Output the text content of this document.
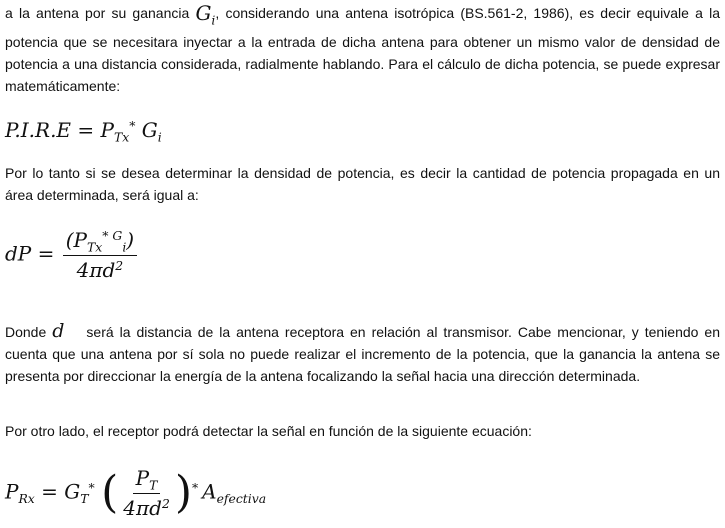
a la antena por su ganancia $G_i$, considerando una antena isotrópica (BS.561-2, 1986), es decir equivale a la potencia que se necesitara inyectar a la entrada de dicha antena para obtener un mismo valor de densidad de potencia a una distancia considerada, radialmente hablando. Para el cálculo de dicha potencia, se puede expresar matemáticamente:
$P.I.R.E = P_{Tx}^*$ $G_i$
Por lo tanto si se desea determinar la densidad de potencia, es decir la cantidad de potencia propagada en un área determinada, será igual a:
dP = $\frac{(P_{Tx}^{* G}_i)}{4\pi d^2}$
Donde d será la distancia de la antena receptora en relación al transmisor. Cabe mencionar, y teniendo en cuenta que una antena por sí sola no puede realizar el incremento de la potencia, que la ganancia la antena se presenta por direccionar la energía de la antena focalizando la señal hacia una dirección determinada.
Por otro lado, el receptor podrá detectar la señal en función de la siguiente ecuación:
$P_{Rx} = G_T^*$ ( $\frac{P_T}{4\pi d^2} )^*$ $A_{efectiva}$
